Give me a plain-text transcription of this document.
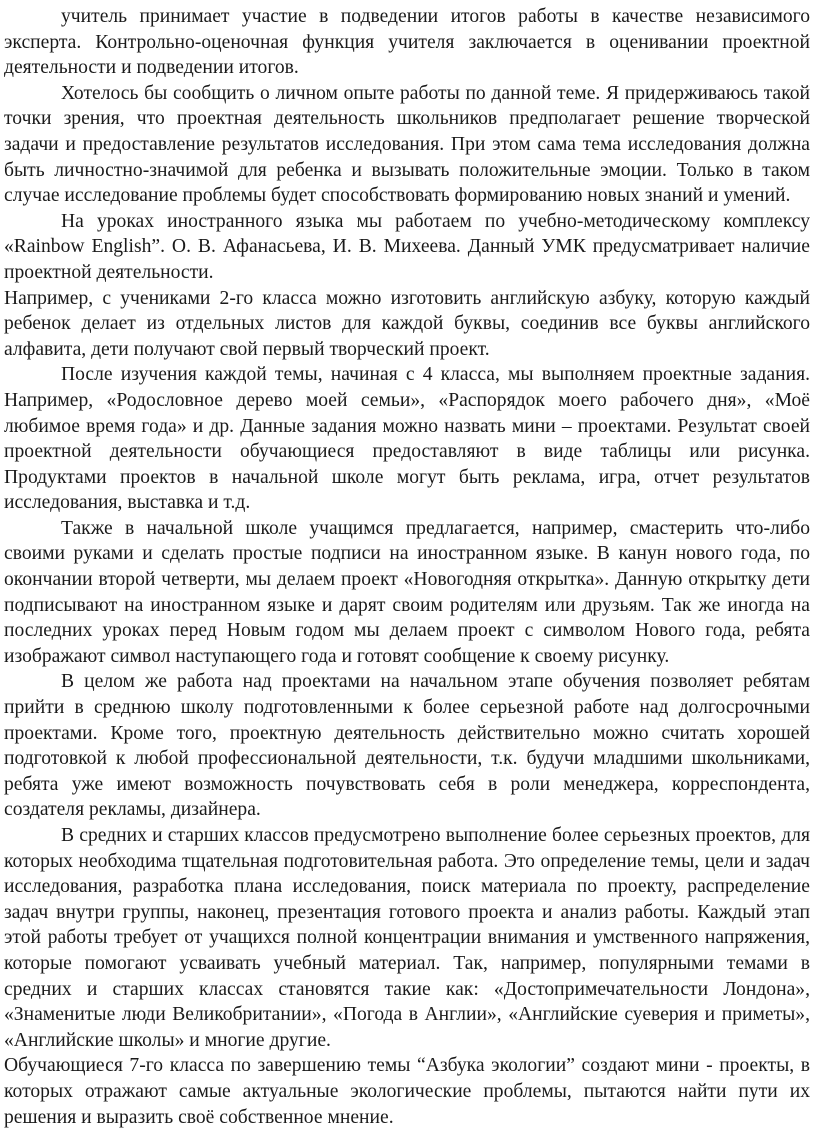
учитель принимает участие в подведении итогов работы в качестве независимого эксперта. Контрольно-оценочная функция учителя заключается в оценивании проектной деятельности и подведении итогов.

Хотелось бы сообщить о личном опыте работы по данной теме. Я придерживаюсь такой точки зрения, что проектная деятельность школьников предполагает решение творческой задачи и предоставление результатов исследования. При этом сама тема исследования должна быть личностно-значимой для ребенка и вызывать положительные эмоции. Только в таком случае исследование проблемы будет способствовать формированию новых знаний и умений.

На уроках иностранного языка мы работаем по учебно-методическому комплексу «Rainbow English”. О. В. Афанасьева, И. В. Михеева. Данный УМК предусматривает наличие проектной деятельности.

Например, с учениками 2-го класса можно изготовить английскую азбуку, которую каждый ребенок делает из отдельных листов для каждой буквы, соединив все буквы английского алфавита, дети получают свой первый творческий проект.

После изучения каждой темы, начиная с 4 класса, мы выполняем проектные задания. Например, «Родословное дерево моей семьи», «Распорядок моего рабочего дня», «Моё любимое время года» и др. Данные задания можно назвать мини – проектами. Результат своей проектной деятельности обучающиеся предоставляют в виде таблицы или рисунка. Продуктами проектов в начальной школе могут быть реклама, игра, отчет результатов исследования, выставка и т.д.

Также в начальной школе учащимся предлагается, например, смастерить что-либо своими руками и сделать простые подписи на иностранном языке. В канун нового года, по окончании второй четверти, мы делаем проект «Новогодняя открытка». Данную открытку дети подписывают на иностранном языке и дарят своим родителям или друзьям. Так же иногда на последних уроках перед Новым годом мы делаем проект с символом Нового года, ребята изображают символ наступающего года и готовят сообщение к своему рисунку.

В целом же работа над проектами на начальном этапе обучения позволяет ребятам прийти в среднюю школу подготовленными к более серьезной работе над долгосрочными проектами. Кроме того, проектную деятельность действительно можно считать хорошей подготовкой к любой профессиональной деятельности, т.к. будучи младшими школьниками, ребята уже имеют возможность почувствовать себя в роли менеджера, корреспондента, создателя рекламы, дизайнера.

В средних и старших классов предусмотрено выполнение более серьезных проектов, для которых необходима тщательная подготовительная работа. Это определение темы, цели и задач исследования, разработка плана исследования, поиск материала по проекту, распределение задач внутри группы, наконец, презентация готового проекта и анализ работы. Каждый этап этой работы требует от учащихся полной концентрации внимания и умственного напряжения, которые помогают усваивать учебный материал. Так, например, популярными темами в средних и старших классах становятся такие как: «Достопримечательности Лондона», «Знаменитые люди Великобритании», «Погода в Англии», «Английские суеверия и приметы», «Английские школы» и многие другие.

Обучающиеся 7-го класса по завершению темы “Азбука экологии” создают мини - проекты, в которых отражают самые актуальные экологические проблемы, пытаются найти пути их решения и выразить своё собственное мнение.
